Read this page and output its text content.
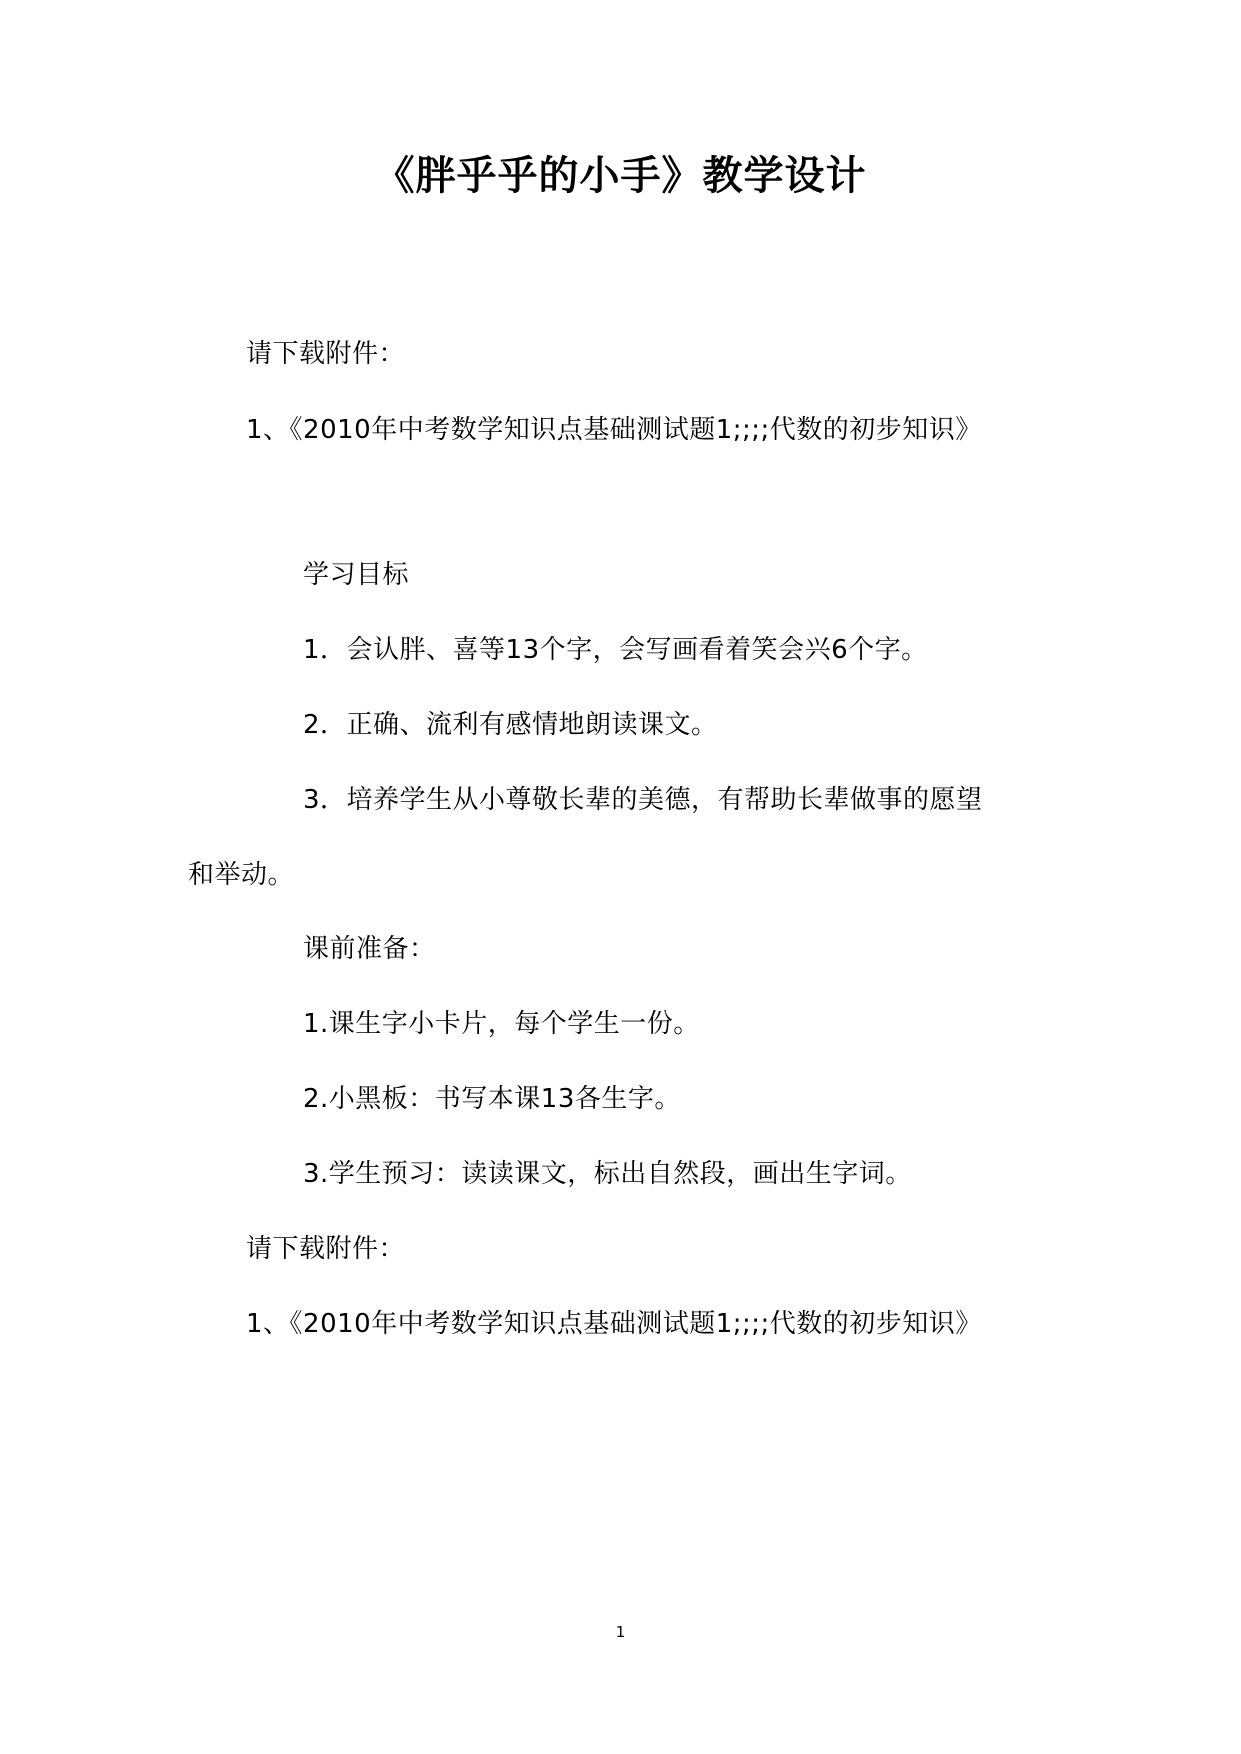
《胖乎乎的小手》教学设计
请下载附件：
1、《2010年中考数学知识点基础测试题1;;;;代数的初步知识》
学习目标
1．会认胖、喜等13个字，会写画看着笑会兴6个字。
2．正确、流利有感情地朗读课文。
3．培养学生从小尊敬长辈的美德，有帮助长辈做事的愿望
和举动。
课前准备：
1.课生字小卡片，每个学生一份。
2.小黑板：书写本课13各生字。
3.学生预习：读读课文，标出自然段，画出生字词。
请下载附件：
1、《2010年中考数学知识点基础测试题1;;;;代数的初步知识》
1
